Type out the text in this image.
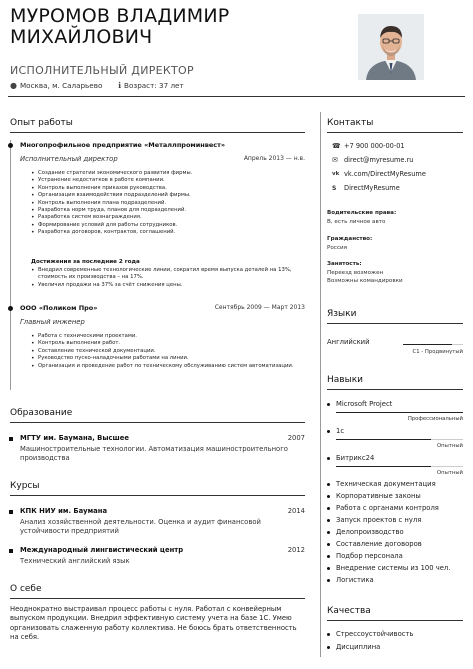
МУРОМОВ ВЛАДИМИР МИХАЙЛОВИЧ
ИСПОЛНИТЕЛЬНЫЙ ДИРЕКТОР
● Москва, м. Саларьево ℹ Возраст: 37 лет
Опыт работы
Многопрофильное предприятие «Металлпроминвест»
Исполнительный директор	Апрель 2013 — н.в.
• Создание стратегии экономического развития фирмы.
• Устранение недостатков в работе компании.
• Контроль выполнения приказов руководства.
• Организация взаимодействия подразделений фирмы.
• Контроль выполнения плана подразделений.
• Разработка норм труда, планов для подразделений.
• Разработка систем вознаграждения.
• Формирование условий для работы сотрудников.
• Разработка договоров, контрактов, соглашений.
Достижения за последние 2 года
• Внедрил современные технологические линии, сократил время выпуска деталей на 13%, стоимость их производства – на 17%.
• Увеличил продажи на 37% за счёт снижения цены.
ООО «Поликом Про»	Сентябрь 2009 — Март 2013
Главный инженер
• Работа с техническими проектами.
• Контроль выполнения работ.
• Составление технической документации.
• Руководство пуско-наладочными работами на линии.
• Организация и проведение работ по техническому обслуживанию систем автоматизации.
Образование
МГТУ им. Баумана, Высшее	2007
Машиностроительные технологии. Автоматизация машиностроительного производства
Курсы
КПК НИУ им. Баумана	2014
Анализ хозяйственной деятельности. Оценка и аудит финансовой устойчивости предприятий
Международный лингвистический центр	2012
Технический английский язык
О себе
Неоднократно выстраивал процесс работы с нуля. Работал с конвейерным выпуском продукции. Внедрил эффективную систему учета на базе 1С. Умею организовать слаженную работу коллектива. Не боюсь брать ответственность на себя.
Контакты
☎ +7 900 000-00-01
✉ direct@myresume.ru
vk vk.com/DirectMyResume
S	DirectMyResume
Водительские права:
B, есть личное авто
Гражданство:
Россия
Занятость:
Переезд возможен
Возможны командировки
Языки
Английский
C1 - Продвинутый
Навыки
Microsoft Project
Профессиональный
1с
Опытный
Битрикс24
Опытный
Техническая документация
Корпоративные законы
Работа с органами контроля
Запуск проектов с нуля
Делопроизводство
Составление договоров
Подбор персонала
Внедрение системы из 100 чел.
Логистика
Качества
Стрессоустойчивость
Дисциплина
